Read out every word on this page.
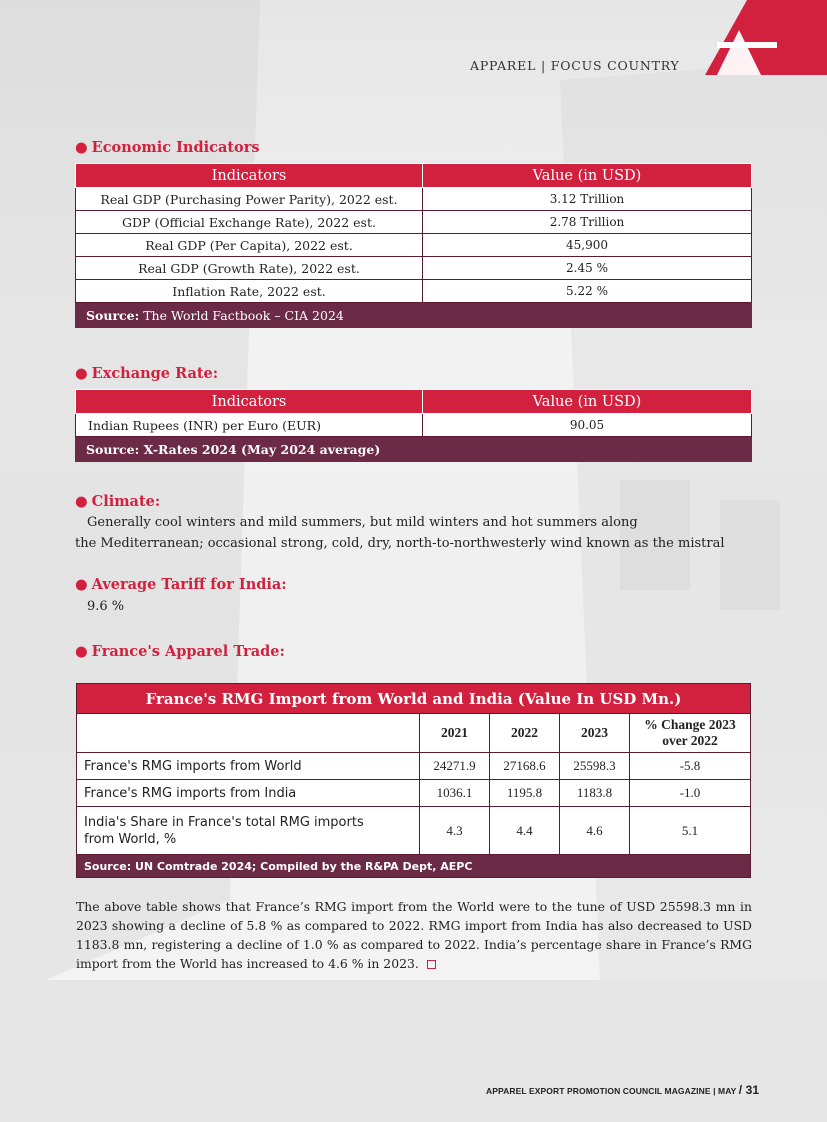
APPAREL | FOCUS COUNTRY
● Economic Indicators
Indicators	Value (in USD)
Real GDP (Purchasing Power Parity), 2022 est.	3.12 Trillion
GDP (Official Exchange Rate), 2022 est.	2.78 Trillion
Real GDP (Per Capita), 2022 est.	45,900
Real GDP (Growth Rate), 2022 est.	2.45 %
Inflation Rate, 2022 est.	5.22 %
Source: The World Factbook – CIA 2024	
● Exchange Rate:
Indicators	Value (in USD)
Indian Rupees (INR) per Euro (EUR)	90.05
Source: X-Rates 2024 (May 2024 average)	
● Climate:
Generally cool winters and mild summers, but mild winters and hot summers along
the Mediterranean; occasional strong, cold, dry, north-to-northwesterly wind known as the mistral
● Average Tariff for India:
9.6 %
● France's Apparel Trade:
France's RMG Import from World and India (Value In USD Mn.)				
	2021	2022	2023	% Change 2023
over 2022

France's RMG imports from World	24271.9	27168.6	25598.3	-5.8
France's RMG imports from India	1036.1	1195.8	1183.8	-1.0

India's Share in France's total RMG imports
from World, %	4.3	4.4	4.6	5.1
Source: UN Comtrade 2024; Compiled by the R&PA Dept, AEPC				
The above table shows that France’s RMG import from the World were to the tune of USD 25598.3 mn in 2023 showing a decline of 5.8 % as compared to 2022. RMG import from India has also decreased to USD 1183.8 mn, registering a decline of 1.0 % as compared to 2022. India’s percentage share in France’s RMG import from the World has increased to 4.6 % in 2023.
APPAREL EXPORT PROMOTION COUNCIL MAGAZINE | MAY / 31
